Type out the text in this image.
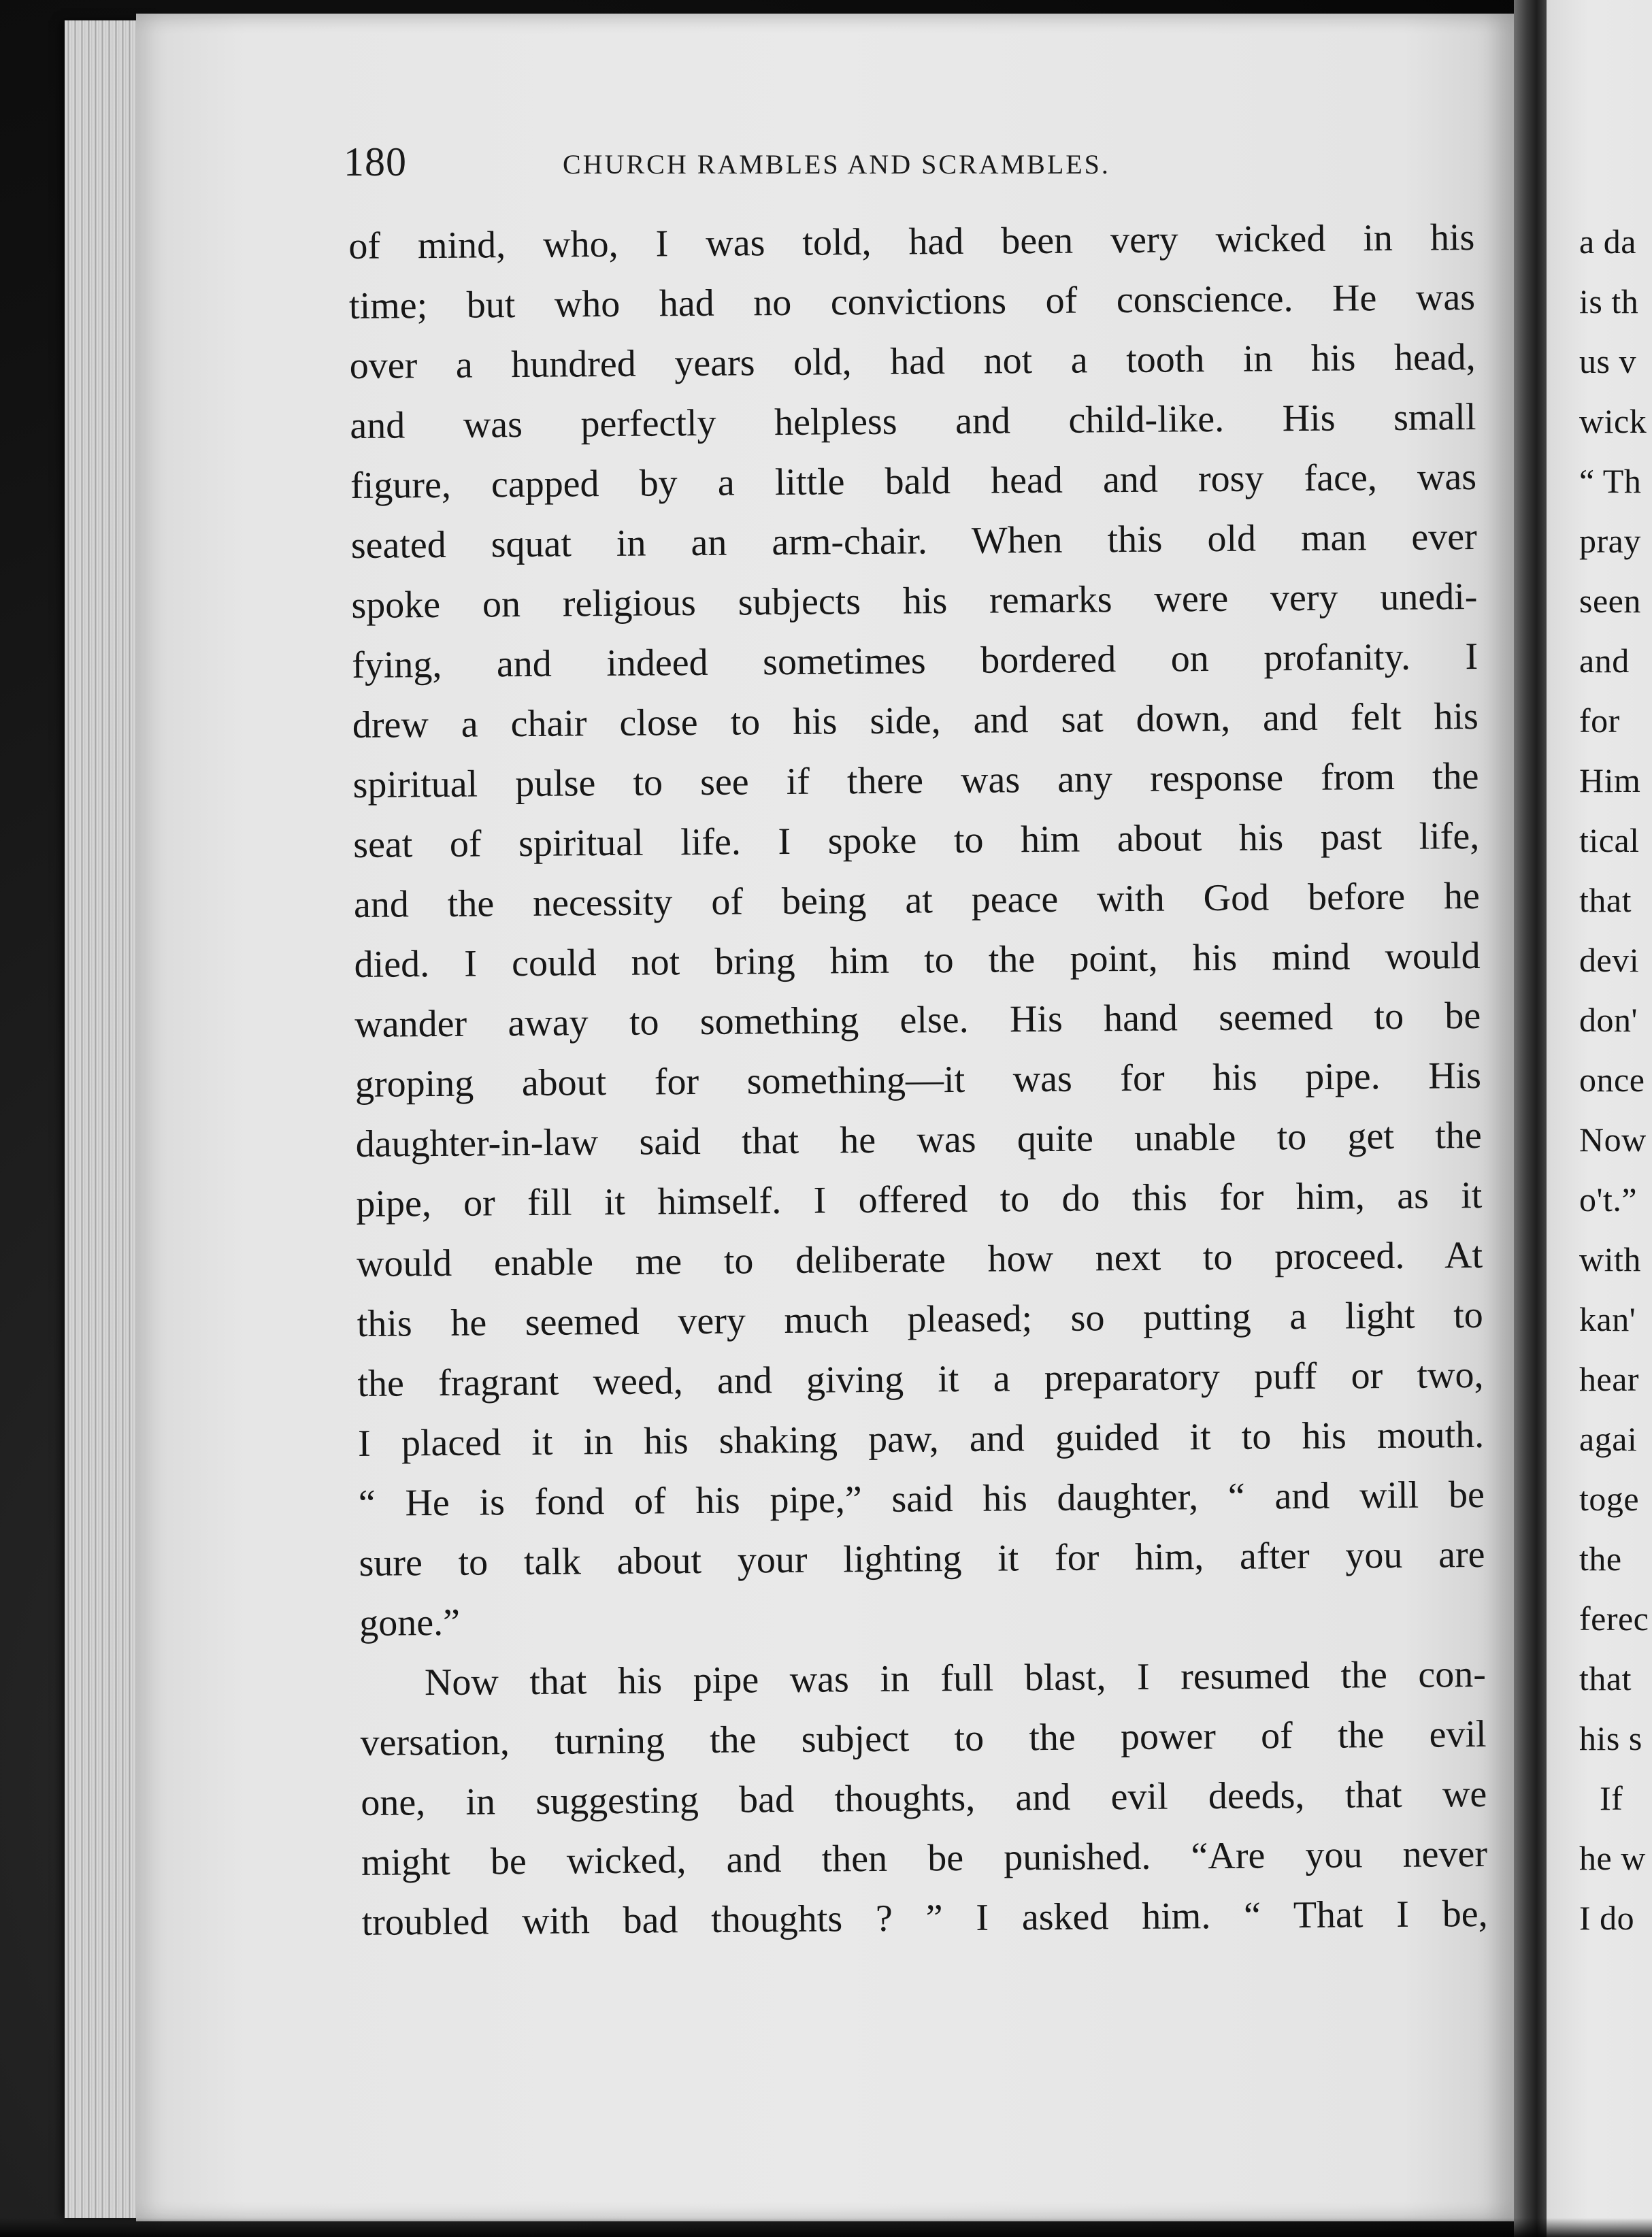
180	CHURCH RAMBLES AND SCRAMBLES.
of mind, who, I was told, had been very wicked in his
time; but who had no convictions of conscience. He was
over a hundred years old, had not a tooth in his head,
and was perfectly helpless and child-like. His small
figure, capped by a little bald head and rosy face, was
seated squat in an arm-chair. When this old man ever
spoke on religious subjects his remarks were very unedi-
fying, and indeed sometimes bordered on profanity. I
drew a chair close to his side, and sat down, and felt his
spiritual pulse to see if there was any response from the
seat of spiritual life. I spoke to him about his past life,
and the necessity of being at peace with God before he
died. I could not bring him to the point, his mind would
wander away to something else. His hand seemed to be
groping about for something—it was for his pipe. His
daughter-in-law said that he was quite unable to get the
pipe, or fill it himself. I offered to do this for him, as it
would enable me to deliberate how next to proceed. At
this he seemed very much pleased; so putting a light to
the fragrant weed, and giving it a preparatory puff or two,
I placed it in his shaking paw, and guided it to his mouth.
“ He is fond of his pipe,” said his daughter, “ and will be
sure to talk about your lighting it for him, after you are
gone.”
Now that his pipe was in full blast, I resumed the con-
versation, turning the subject to the power of the evil
one, in suggesting bad thoughts, and evil deeds, that we
might be wicked, and then be punished. “Are you never
troubled with bad thoughts ? ” I asked him. “ That I be,
a da
is th
us v
wick
“ Th
pray
seen
and
for
Him
tical
that
devi
don'
once
Now
o't.”
with
kan'
hear
agai
toge
the
ferec
that
his s
If
he w
I do
